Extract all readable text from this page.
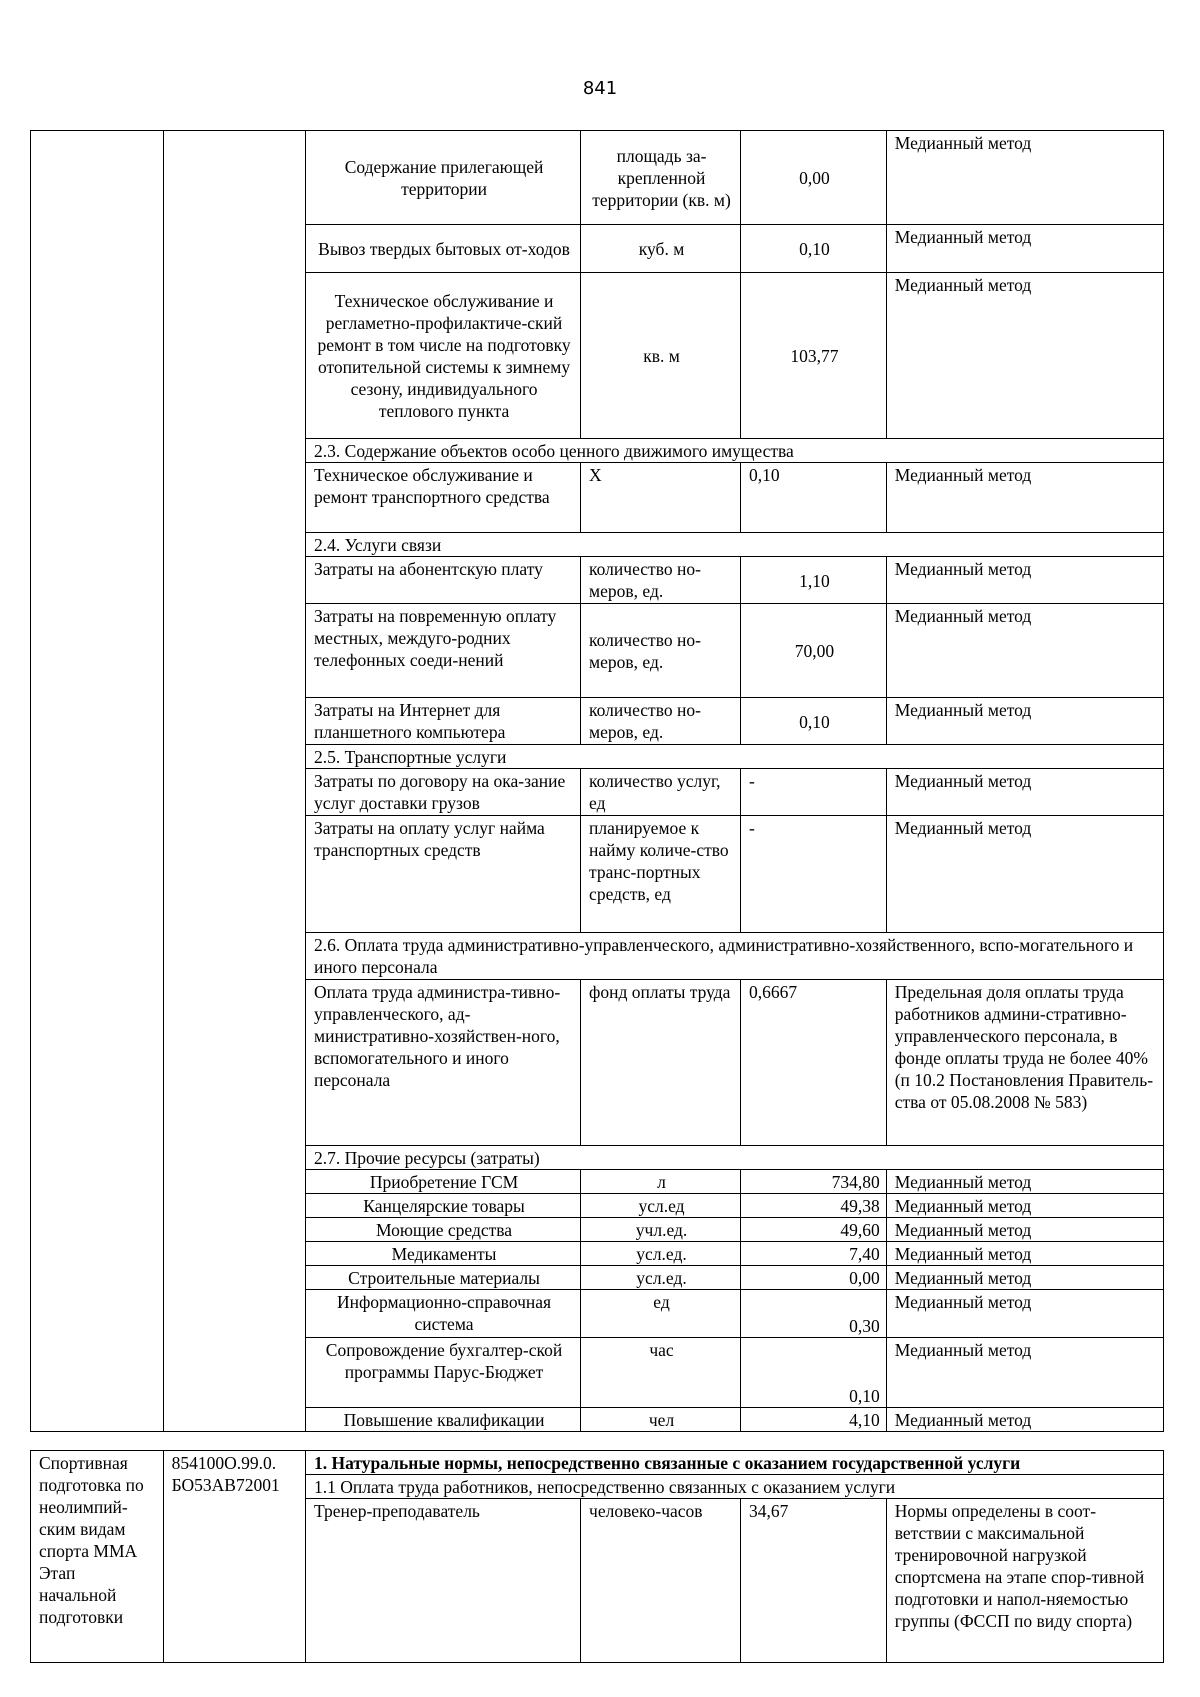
841
		Содержание прилегающей территории	площадь за-крепленной территории (кв. м)	0,00	Медианный метод
		Вывоз твердых бытовых от-ходов	куб. м	0,10	Медианный метод
		Техническое обслуживание и регламетно-профилактиче-ский ремонт в том числе на подготовку отопительной системы к зимнему сезону, индивидуального теплового пункта	кв. м	103,77	Медианный метод
		2.3. Содержание объектов особо ценного движимого имущества			
		Техническое обслуживание и ремонт транспортного средства	Х	0,10	Медианный метод
		2.4. Услуги связи			
		Затраты на абонентскую плату	количество но-меров, ед.	1,10	Медианный метод
		Затраты на повременную оплату местных, междуго-родних телефонных соеди-нений	количество но-меров, ед.	70,00	Медианный метод
		Затраты на Интернет для планшетного компьютера	количество но-меров, ед.	0,10	Медианный метод
		2.5. Транспортные услуги			
		Затраты по договору на ока-зание услуг доставки грузов	количество услуг, ед	-	Медианный метод
		Затраты на оплату услуг найма транспортных средств	планируемое к найму количе-ство транс-портных средств, ед	-	Медианный метод
		2.6. Оплата труда административно-управленческого, административно-хозяйственного, вспо-могательного и иного персонала			
		Оплата труда администра-тивно-управленческого, ад-министративно-хозяйствен-ного, вспомогательного и иного персонала	фонд оплаты труда	0,6667	Предельная доля оплаты труда работников админи-стративно-управленческого персонала, в фонде оплаты труда не более 40% (п 10.2 Постановления Правитель-ства от 05.08.2008 № 583)
		2.7. Прочие ресурсы (затраты)			
		Приобретение ГСМ	л	734,80	Медианный метод
		Канцелярские товары	усл.ед	49,38	Медианный метод
		Моющие средства	учл.ед.	49,60	Медианный метод
		Медикаменты	усл.ед.	7,40	Медианный метод
		Строительные материалы	усл.ед.	0,00	Медианный метод
		Информационно-справочная система	ед	0,30	Медианный метод
		Сопровождение бухгалтер-ской программы Парус-Бюджет	час	0,10	Медианный метод
		Повышение квалификации	чел	4,10	Медианный метод
Спортивная подготовка по неолимпий-ским видам спорта ММА Этап начальной подготовки	854100О.99.0. БО53АВ72001	1. Натуральные нормы, непосредственно связанные с оказанием государственной услуги			
		1.1 Оплата труда работников, непосредственно связанных с оказанием услуги			
		Тренер-преподаватель	человеко-часов	34,67	Нормы определены в соот-ветствии с максимальной тренировочной нагрузкой спортсмена на этапе спор-тивной подготовки и напол-няемостью группы (ФССП по виду спорта)
